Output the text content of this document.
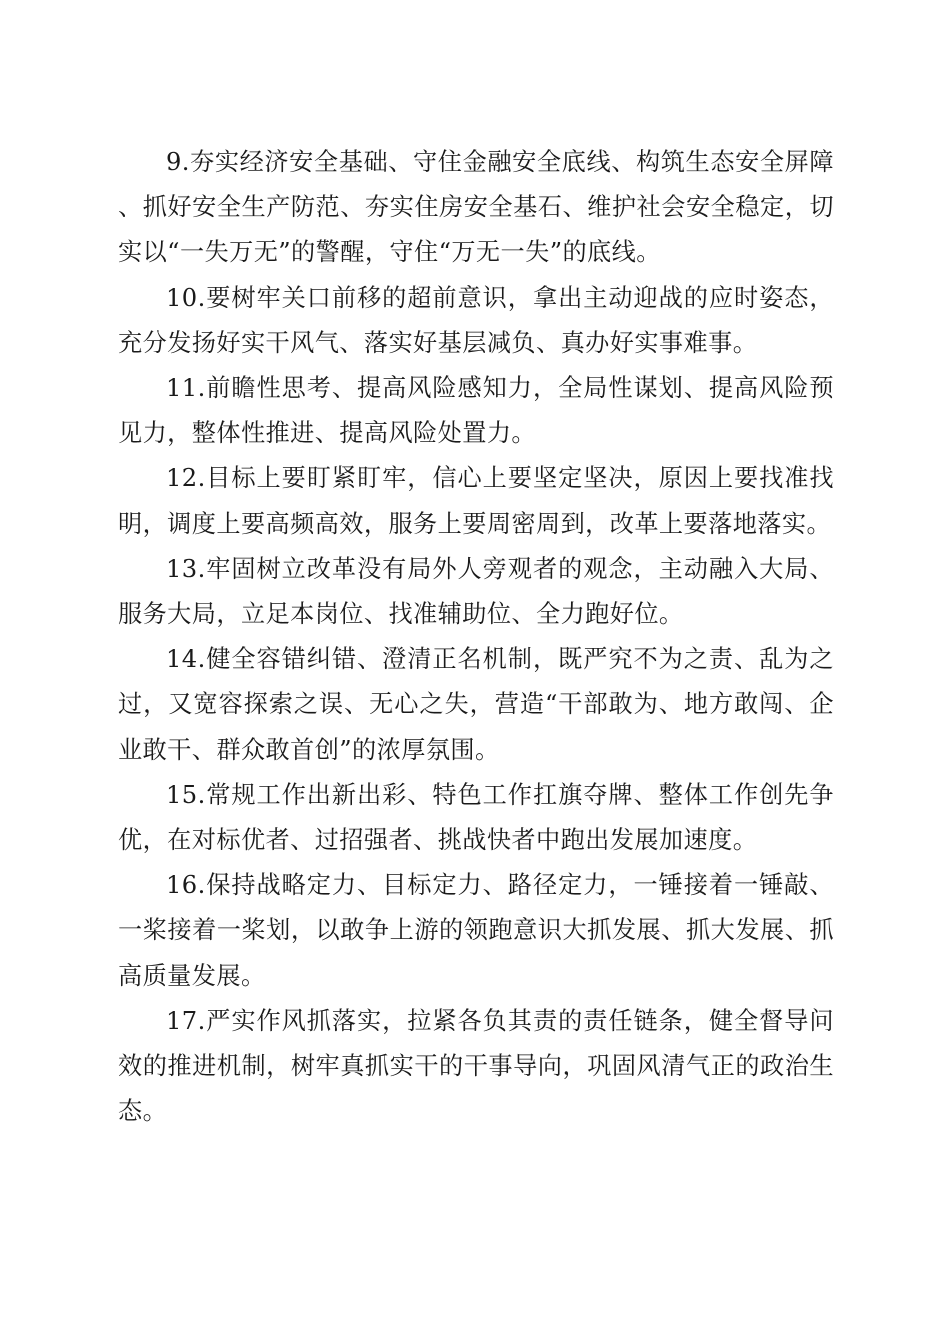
9.夯实经济安全基础、守住金融安全底线、构筑生态安全屏障、抓好安全生产防范、夯实住房安全基石、维护社会安全稳定，切实以“一失万无”的警醒，守住“万无一失”的底线。

10.要树牢关口前移的超前意识，拿出主动迎战的应时姿态，充分发扬好实干风气、落实好基层减负、真办好实事难事。

11.前瞻性思考、提高风险感知力，全局性谋划、提高风险预见力，整体性推进、提高风险处置力。

12.目标上要盯紧盯牢，信心上要坚定坚决，原因上要找准找明，调度上要高频高效，服务上要周密周到，改革上要落地落实。

13.牢固树立改革没有局外人旁观者的观念，主动融入大局、服务大局，立足本岗位、找准辅助位、全力跑好位。

14.健全容错纠错、澄清正名机制，既严究不为之责、乱为之过，又宽容探索之误、无心之失，营造“干部敢为、地方敢闯、企业敢干、群众敢首创”的浓厚氛围。

15.常规工作出新出彩、特色工作扛旗夺牌、整体工作创先争优，在对标优者、过招强者、挑战快者中跑出发展加速度。

16.保持战略定力、目标定力、路径定力，一锤接着一锤敲、一桨接着一桨划，以敢争上游的领跑意识大抓发展、抓大发展、抓高质量发展。

17.严实作风抓落实，拉紧各负其责的责任链条，健全督导问效的推进机制，树牢真抓实干的干事导向，巩固风清气正的政治生态。
